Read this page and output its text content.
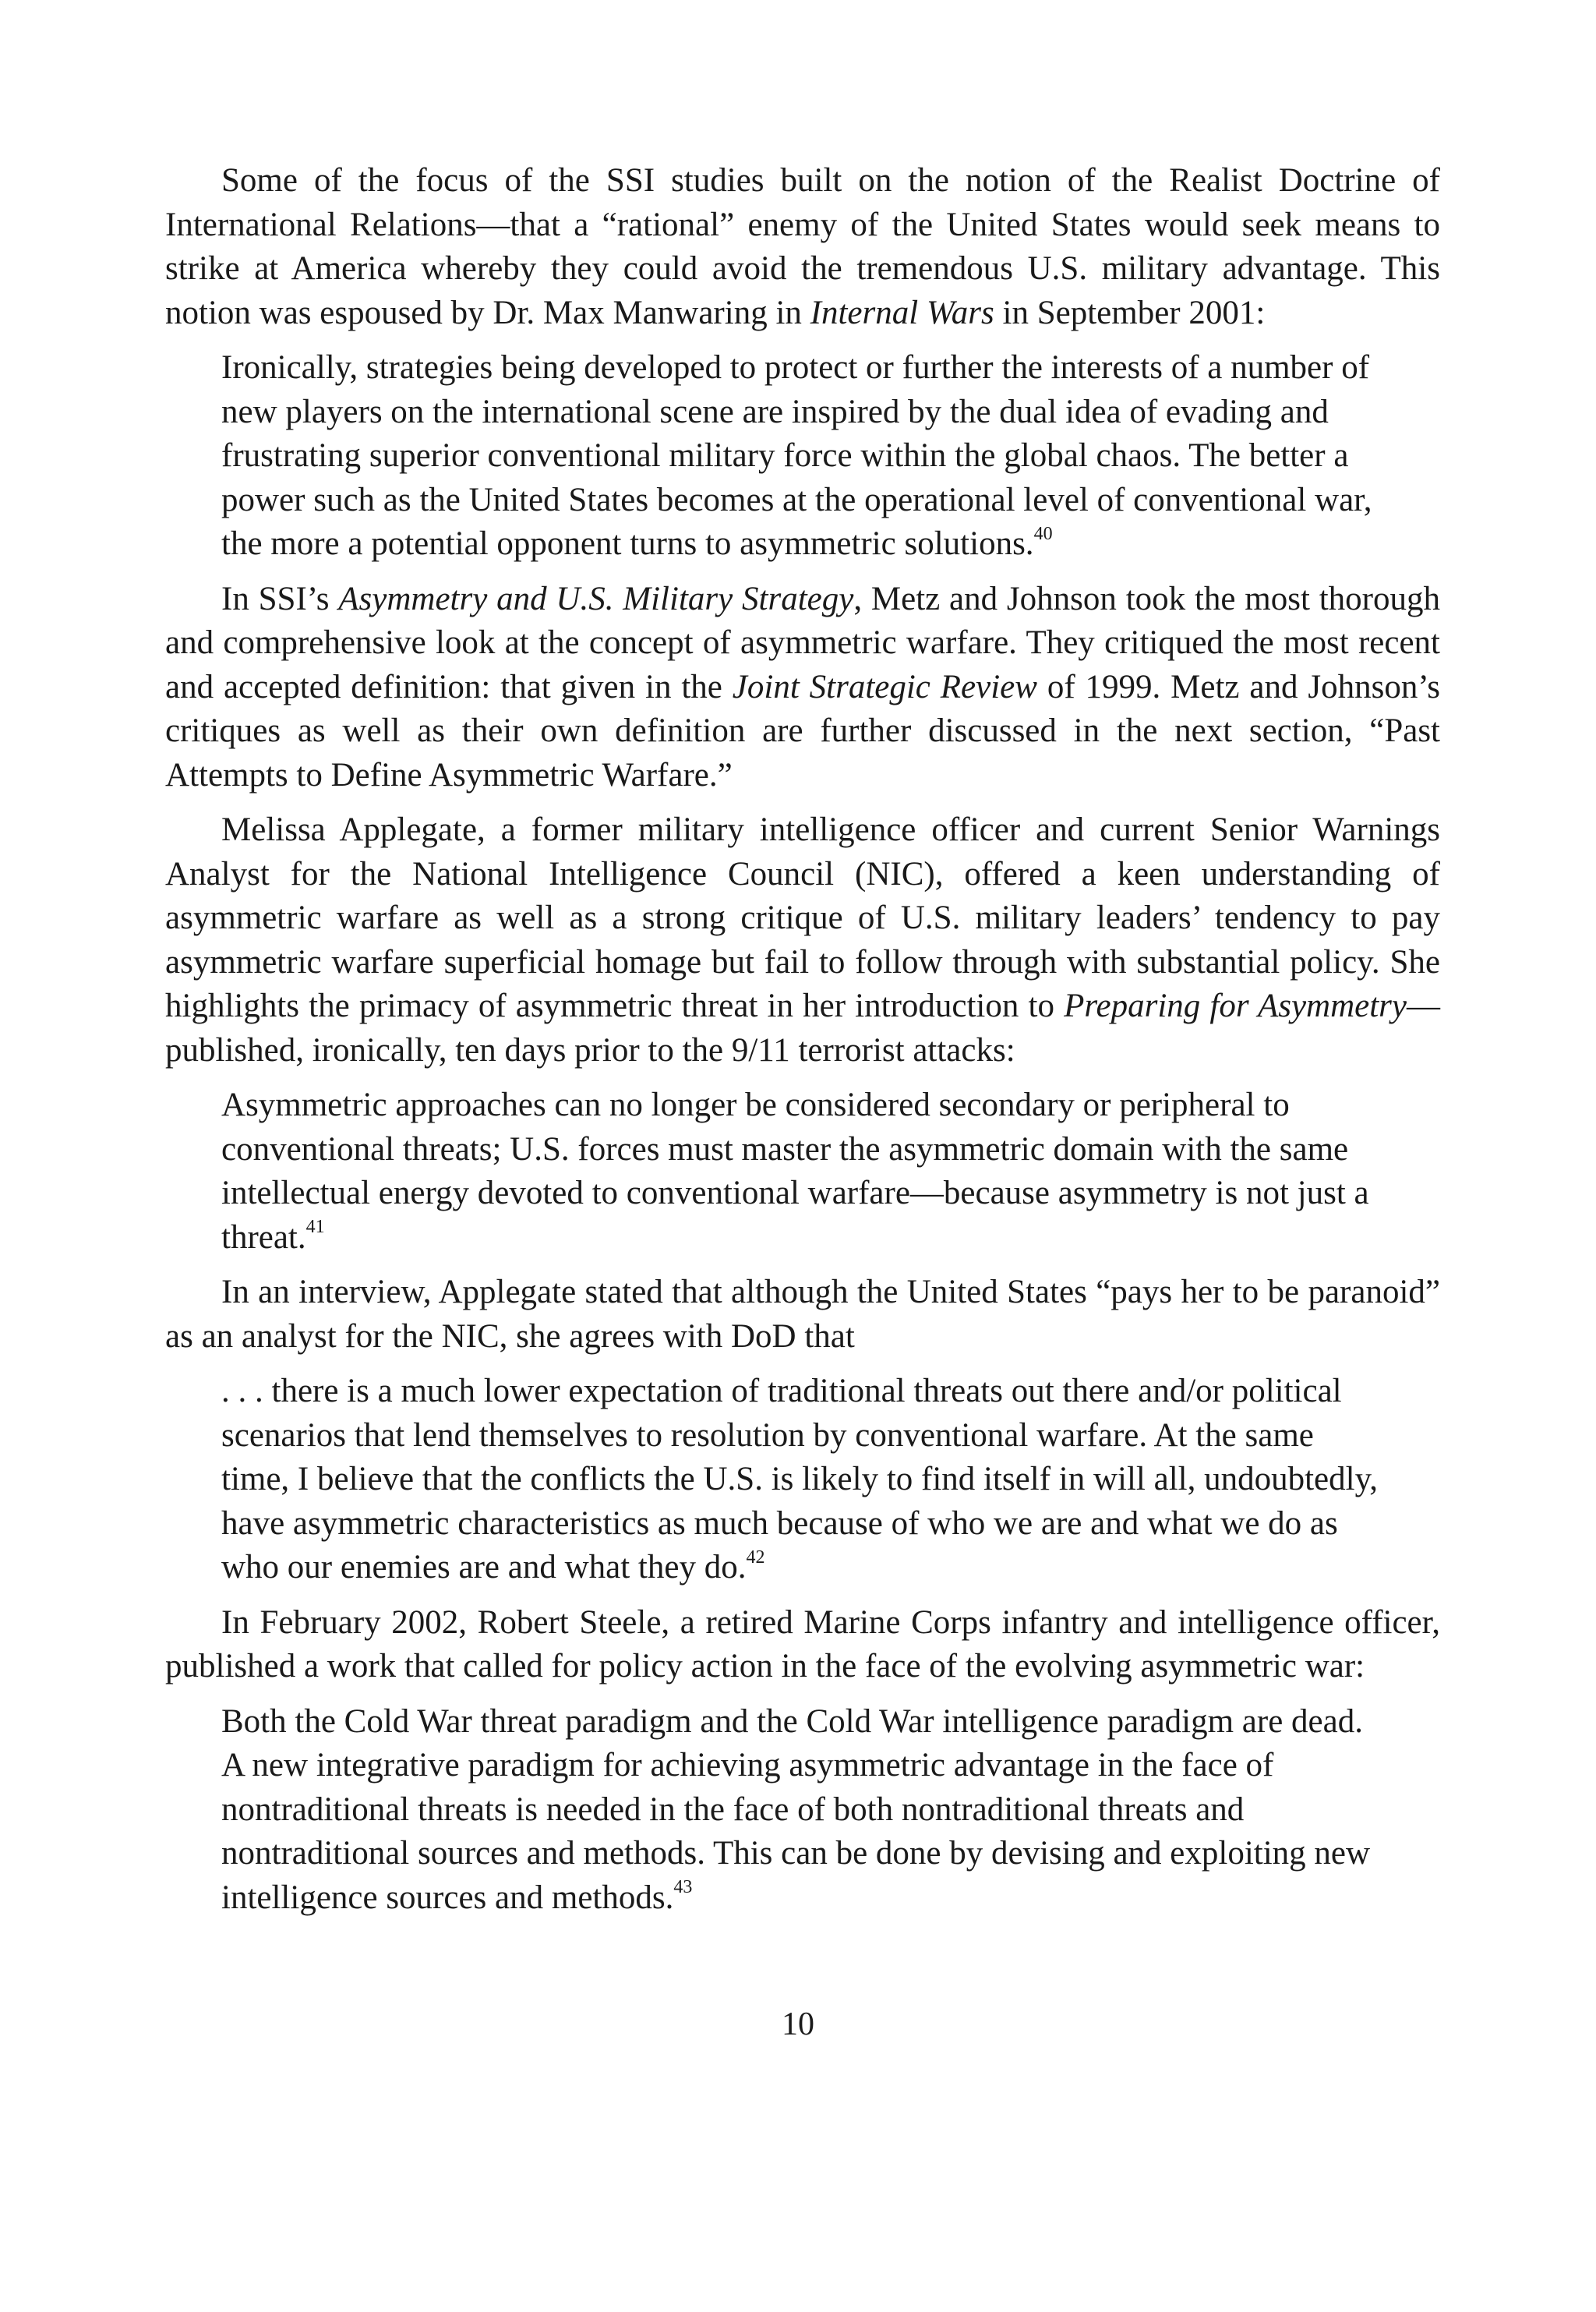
Some of the focus of the SSI studies built on the notion of the Realist Doctrine of International Relations—that a “rational” enemy of the United States would seek means to strike at America whereby they could avoid the tremendous U.S. military advantage. This notion was espoused by Dr. Max Manwaring in Internal Wars in September 2001:

Ironically, strategies being developed to protect or further the interests of a number of new players on the international scene are inspired by the dual idea of evading and frustrating superior conventional military force within the global chaos. The better a power such as the United States becomes at the operational level of conventional war, the more a potential opponent turns to asymmetric solutions.$^{40}$

In SSI’s Asymmetry and U.S. Military Strategy, Metz and Johnson took the most thorough and comprehensive look at the concept of asymmetric warfare. They critiqued the most recent and accepted definition: that given in the Joint Strategic Review of 1999. Metz and Johnson’s critiques as well as their own definition are further discussed in the next section, “Past Attempts to Define Asymmetric Warfare.”

Melissa Applegate, a former military intelligence officer and current Senior Warnings Analyst for the National Intelligence Council (NIC), offered a keen understanding of asymmetric warfare as well as a strong critique of U.S. military leaders’ tendency to pay asymmetric warfare superficial homage but fail to follow through with substantial policy. She highlights the primacy of asymmetric threat in her introduction to Preparing for Asymmetry—published, ironically, ten days prior to the 9/11 terrorist attacks:

Asymmetric approaches can no longer be considered secondary or peripheral to conventional threats; U.S. forces must master the asymmetric domain with the same intellectual energy devoted to conventional warfare—because asymmetry is not just a threat.$^{41}$

In an interview, Applegate stated that although the United States “pays her to be paranoid” as an analyst for the NIC, she agrees with DoD that

. . . there is a much lower expectation of traditional threats out there and/or political scenarios that lend themselves to resolution by conventional warfare. At the same time, I believe that the conflicts the U.S. is likely to find itself in will all, undoubtedly, have asymmetric characteristics as much because of who we are and what we do as who our enemies are and what they do.$^{42}$

In February 2002, Robert Steele, a retired Marine Corps infantry and intelligence officer, published a work that called for policy action in the face of the evolving asymmetric war:

Both the Cold War threat paradigm and the Cold War intelligence paradigm are dead. A new integrative paradigm for achieving asymmetric advantage in the face of nontraditional threats is needed in the face of both nontraditional threats and nontraditional sources and methods. This can be done by devising and exploiting new intelligence sources and methods.$^{43}$

10
